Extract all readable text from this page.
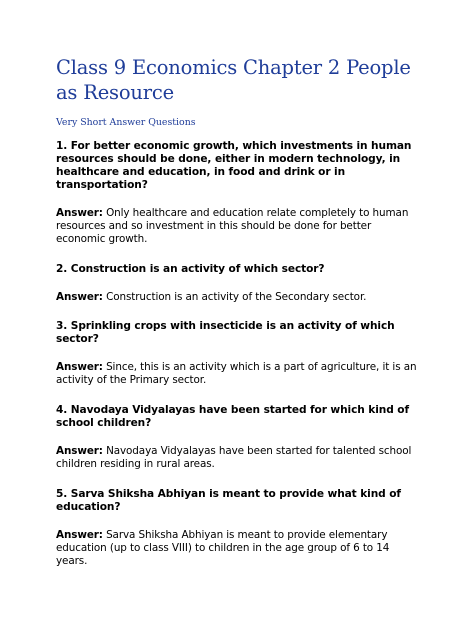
Class 9 Economics Chapter 2 People as Resource
Very Short Answer Questions

1. For better economic growth, which investments in human resources should be done, either in modern technology, in healthcare and education, in food and drink or in transportation?

Answer: Only healthcare and education relate completely to human resources and so investment in this should be done for better economic growth.

2. Construction is an activity of which sector?

Answer: Construction is an activity of the Secondary sector.

3. Sprinkling crops with insecticide is an activity of which sector?

Answer: Since, this is an activity which is a part of agriculture, it is an activity of the Primary sector.

4. Navodaya Vidyalayas have been started for which kind of school children?

Answer: Navodaya Vidyalayas have been started for talented school children residing in rural areas.

5. Sarva Shiksha Abhiyan is meant to provide what kind of education?

Answer: Sarva Shiksha Abhiyan is meant to provide elementary education (up to class VIII) to children in the age group of 6 to 14 years.
